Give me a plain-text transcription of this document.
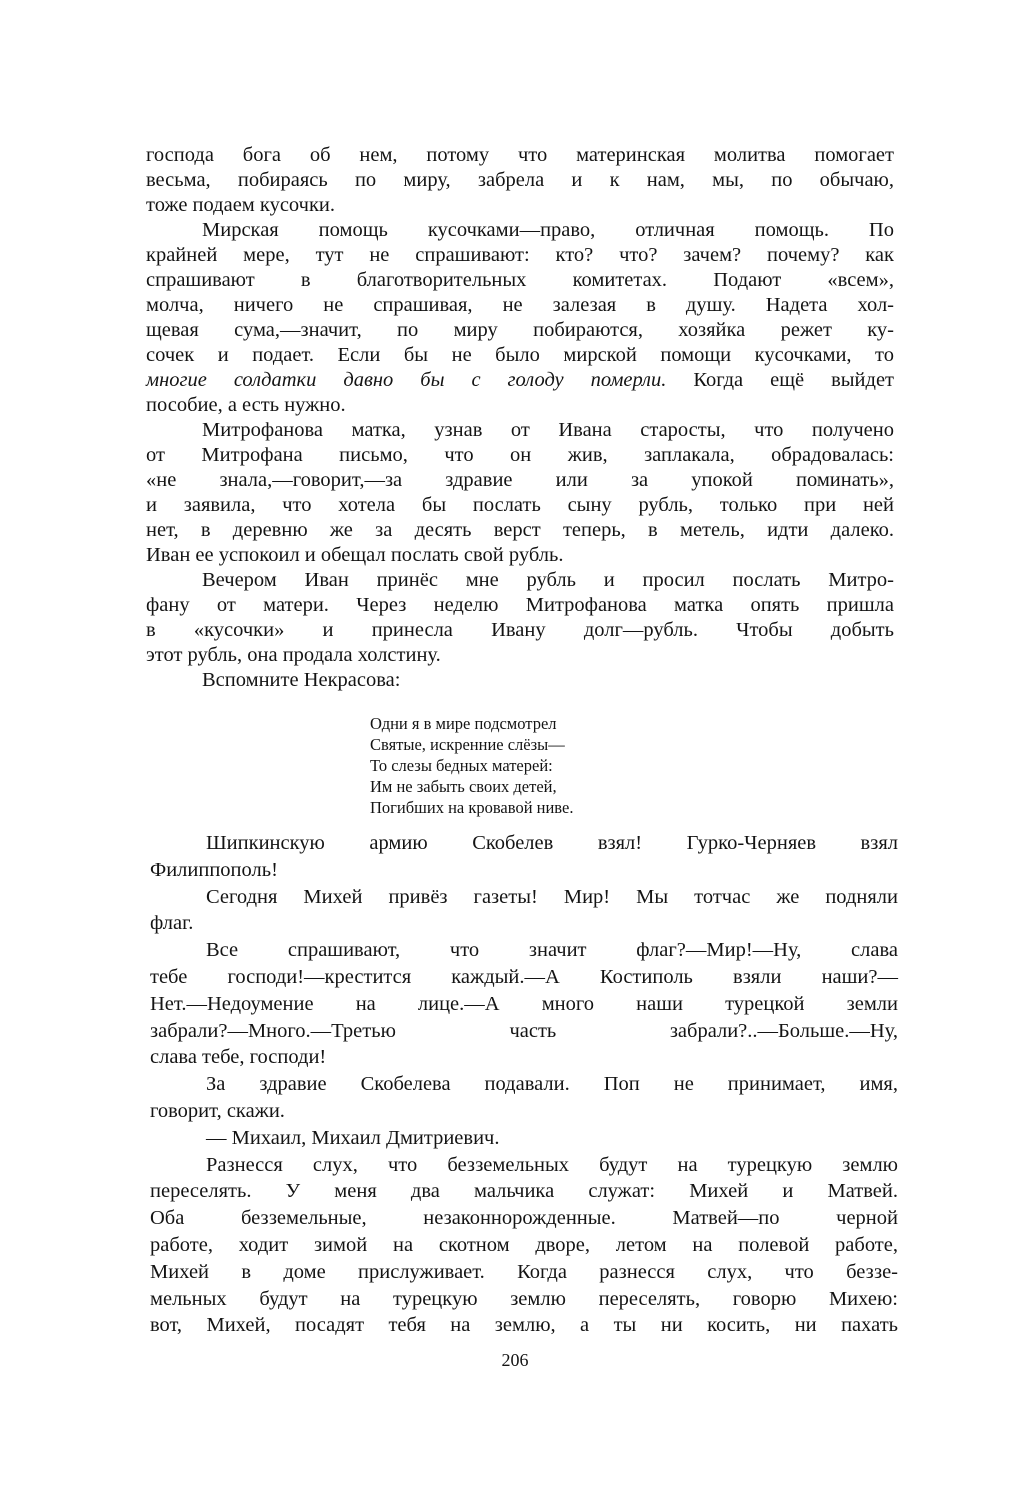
господа бога об нем, потому что материнская молитва помогает
весьма, побираясь по миру, забрела и к нам, мы, по обычаю,
тоже подаем кусочки.
Мирская помощь кусочками—право, отличная помощь. По
крайней мере, тут не спрашивают: кто? что? зачем? почему? как
спрашивают в благотворительных комитетах. Подают «всем»,
молча, ничего не спрашивая, не залезая в душу. Надета хол-
щевая сума,—значит, по миру побираются, хозяйка режет ку-
сочек и подает. Если бы не было мирской помощи кусочками, то
многие солдатки давно бы с голоду померли. Когда ещё выйдет
пособие, а есть нужно.
Митрофанова матка, узнав от Ивана старосты, что получено
от Митрофана письмо, что он жив, заплакала, обрадовалась:
«не знала,—говорит,—за здравие или за упокой поминать»,
и заявила, что хотела бы послать сыну рубль, только при ней
нет, в деревню же за десять верст теперь, в метель, идти далеко.
Иван ее успокоил и обещал послать свой рубль.
Вечером Иван принёс мне рубль и просил послать Митро-
фану от матери. Через неделю Митрофанова матка опять пришла
в «кусочки» и принесла Ивану долг—рубль. Чтобы добыть
этот рубль, она продала холстину.
Вспомните Некрасова:
Одни я в мире подсмотрел
Святые, искренние слёзы—
То слезы бедных матерей:
Им не забыть своих детей,
Погибших на кровавой ниве.
Шипкинскую армию Скобелев взял! Гурко-Черняев взял
Филиппополь!
Сегодня Михей привёз газеты! Мир! Мы тотчас же подняли
флаг.
Все спрашивают, что значит флаг?—Мир!—Ну, слава
тебе господи!—крестится каждый.—А Костиполь взяли наши?—
Нет.—Недоумение на лице.—А много наши турецкой земли
забрали?—Много.—Третью часть забрали?..—Больше.—Ну,
слава тебе, господи!
За здравие Скобелева подавали. Поп не принимает, имя,
говорит, скажи.
— Михаил, Михаил Дмитриевич.
Разнесся слух, что безземельных будут на турецкую землю
переселять. У меня два мальчика служат: Михей и Матвей.
Оба безземельные, незаконнорожденные. Матвей—по черной
работе, ходит зимой на скотном дворе, летом на полевой работе,
Михей в доме прислуживает. Когда разнесся слух, что беззе-
мельных будут на турецкую землю переселять, говорю Михею:
вот, Михей, посадят тебя на землю, а ты ни косить, ни пахать
206
